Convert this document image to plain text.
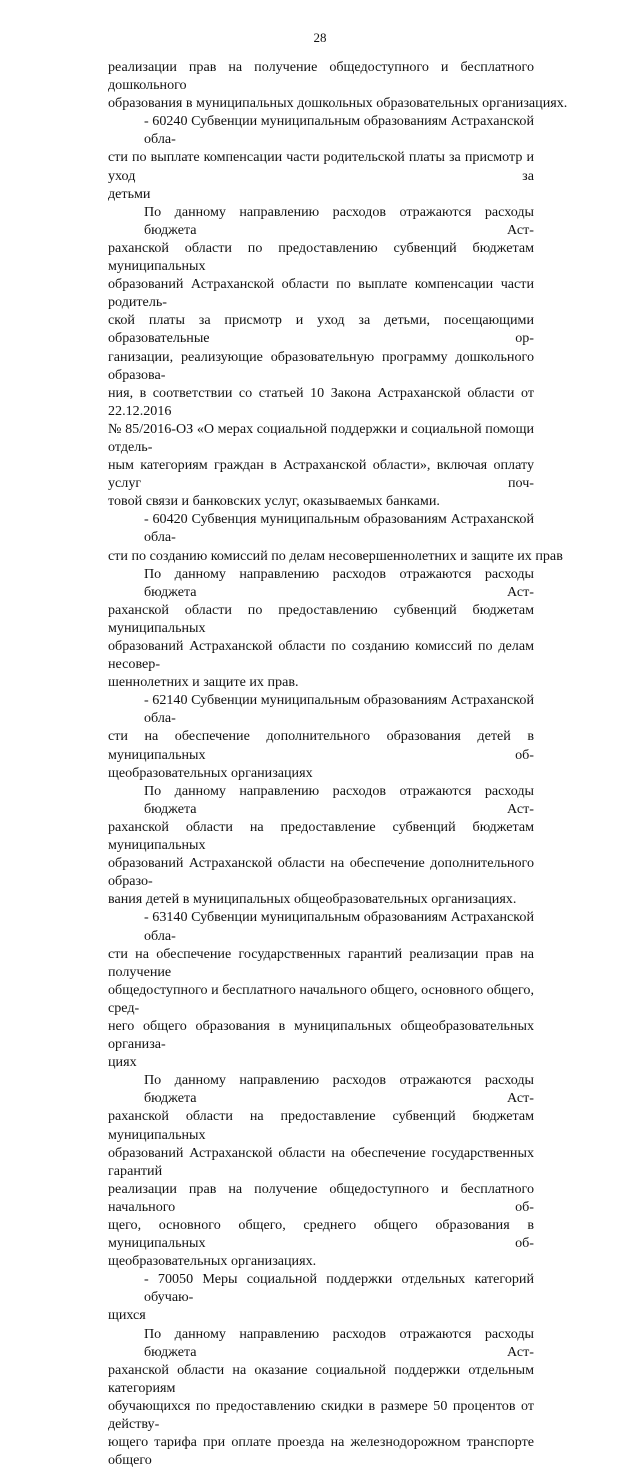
28
реализации прав на получение общедоступного и бесплатного дошкольного
образования в муниципальных дошкольных образовательных организациях.
- 60240 Субвенции муниципальным образованиям Астраханской обла-
сти по выплате компенсации части родительской платы за присмотр и уход за
детьми
По данному направлению расходов отражаются расходы бюджета Аст-
раханской области по предоставлению субвенций бюджетам муниципальных
образований Астраханской области по выплате компенсации части родитель-
ской платы за присмотр и уход за детьми, посещающими образовательные ор-
ганизации, реализующие образовательную программу дошкольного образова-
ния, в соответствии со статьей 10 Закона Астраханской области от 22.12.2016
№ 85/2016-ОЗ «О мерах социальной поддержки и социальной помощи отдель-
ным категориям граждан в Астраханской области», включая оплату услуг поч-
товой связи и банковских услуг, оказываемых банками.
- 60420 Субвенция муниципальным образованиям Астраханской обла-
сти по созданию комиссий по делам несовершеннолетних и защите их прав
По данному направлению расходов отражаются расходы бюджета Аст-
раханской области по предоставлению субвенций бюджетам муниципальных
образований Астраханской области по созданию комиссий по делам несовер-
шеннолетних и защите их прав.
- 62140 Субвенции муниципальным образованиям Астраханской обла-
сти на обеспечение дополнительного образования детей в муниципальных об-
щеобразовательных организациях
По данному направлению расходов отражаются расходы бюджета Аст-
раханской области на предоставление субвенций бюджетам муниципальных
образований Астраханской области на обеспечение дополнительного образо-
вания детей в муниципальных общеобразовательных организациях.
- 63140 Субвенции муниципальным образованиям Астраханской обла-
сти на обеспечение государственных гарантий реализации прав на получение
общедоступного и бесплатного начального общего, основного общего, сред-
него общего образования в муниципальных общеобразовательных организа-
циях
По данному направлению расходов отражаются расходы бюджета Аст-
раханской области на предоставление субвенций бюджетам муниципальных
образований Астраханской области на обеспечение государственных гарантий
реализации прав на получение общедоступного и бесплатного начального об-
щего, основного общего, среднего общего образования в муниципальных об-
щеобразовательных организациях.
- 70050 Меры социальной поддержки отдельных категорий обучаю-
щихся
По данному направлению расходов отражаются расходы бюджета Аст-
раханской области на оказание социальной поддержки отдельным категориям
обучающихся по предоставлению скидки в размере 50 процентов от действу-
ющего тарифа при оплате проезда на железнодорожном транспорте общего
